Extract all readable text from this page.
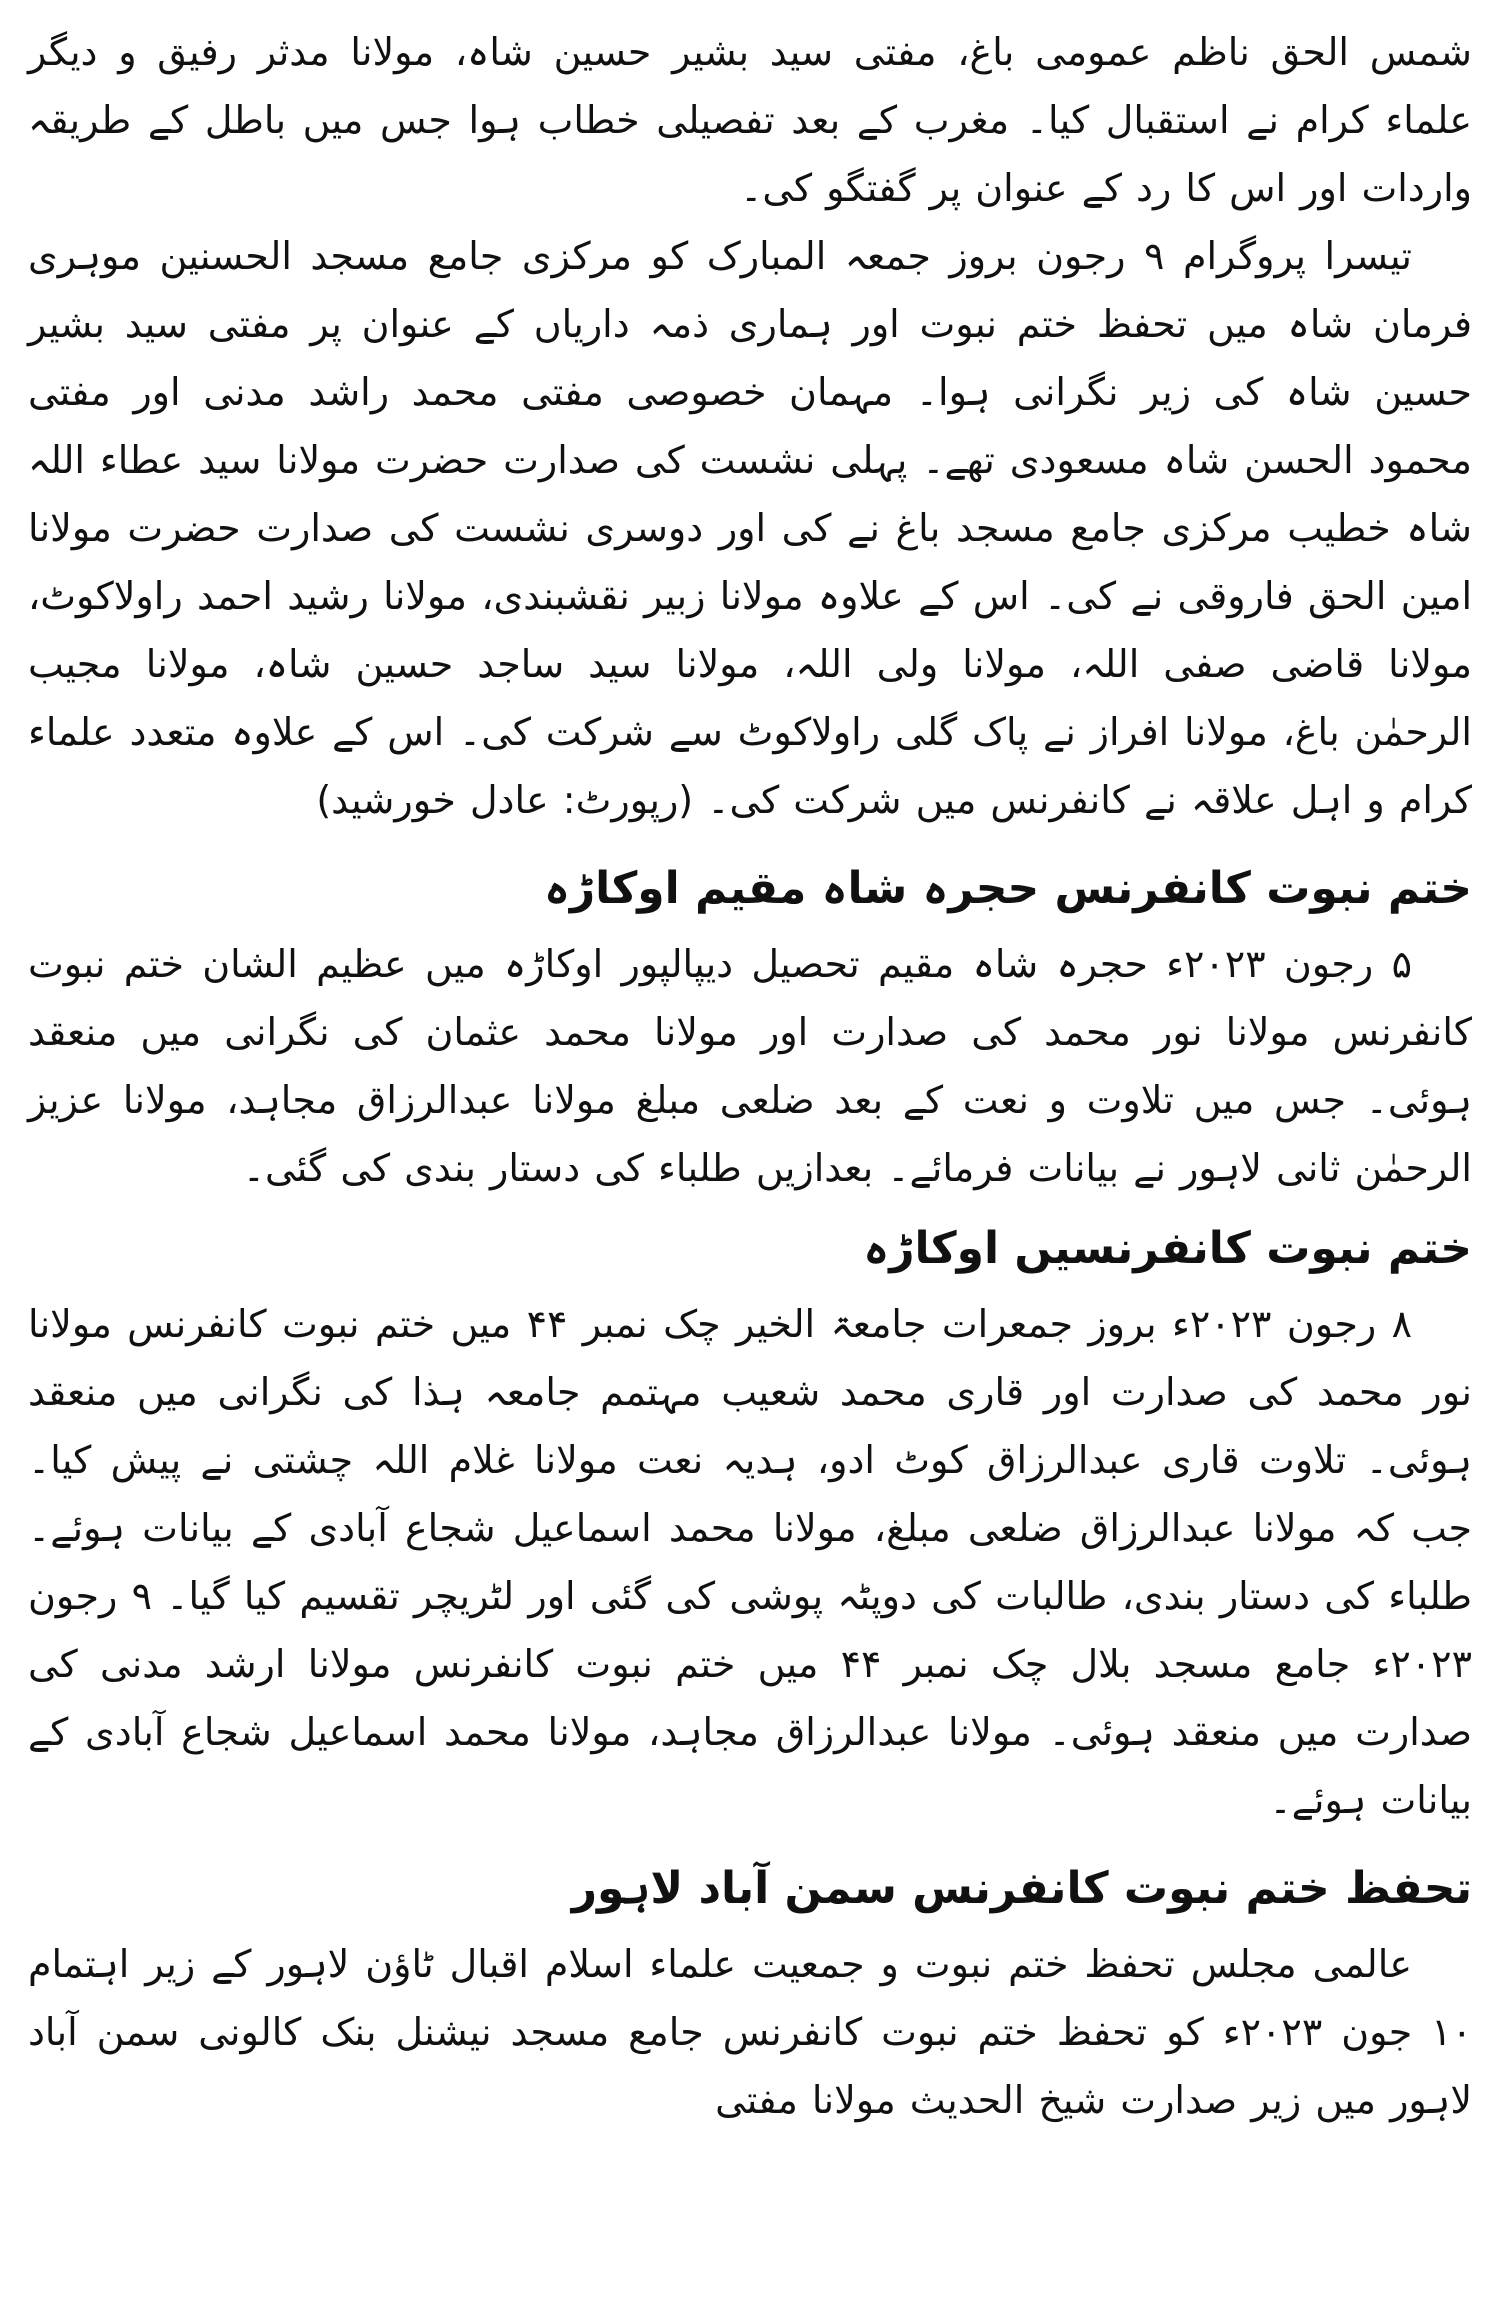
شمس الحق ناظم عمومی باغ، مفتی سید بشیر حسین شاہ، مولانا مدثر رفیق و دیگر علماء کرام نے استقبال کیا۔ مغرب کے بعد تفصیلی خطاب ہوا جس میں باطل کے طریقہ واردات اور اس کا رد کے عنوان پر گفتگو کی۔

تیسرا پروگرام ۹ رجون بروز جمعہ المبارک کو مرکزی جامع مسجد الحسنین موہری فرمان شاہ میں تحفظ ختم نبوت اور ہماری ذمہ داریاں کے عنوان پر مفتی سید بشیر حسین شاہ کی زیر نگرانی ہوا۔ مہمان خصوصی مفتی محمد راشد مدنی اور مفتی محمود الحسن شاہ مسعودی تھے۔ پہلی نشست کی صدارت حضرت مولانا سید عطاء اللہ شاہ خطیب مرکزی جامع مسجد باغ نے کی اور دوسری نشست کی صدارت حضرت مولانا امین الحق فاروقی نے کی۔ اس کے علاوہ مولانا زبیر نقشبندی، مولانا رشید احمد راولاکوٹ، مولانا قاضی صفی اللہ، مولانا ولی اللہ، مولانا سید ساجد حسین شاہ، مولانا مجیب الرحمٰن باغ، مولانا افراز نے پاک گلی راولاکوٹ سے شرکت کی۔ اس کے علاوہ متعدد علماء کرام و اہل علاقہ نے کانفرنس میں شرکت کی۔ (رپورٹ: عادل خورشید)

ختم نبوت کانفرنس حجرہ شاہ مقیم اوکاڑہ

۵ رجون ۲۰۲۳ء حجرہ شاہ مقیم تحصیل دیپالپور اوکاڑہ میں عظیم الشان ختم نبوت کانفرنس مولانا نور محمد کی صدارت اور مولانا محمد عثمان کی نگرانی میں منعقد ہوئی۔ جس میں تلاوت و نعت کے بعد ضلعی مبلغ مولانا عبدالرزاق مجاہد، مولانا عزیز الرحمٰن ثانی لاہور نے بیانات فرمائے۔ بعدازیں طلباء کی دستار بندی کی گئی۔

ختم نبوت کانفرنسیں اوکاڑہ

۸ رجون ۲۰۲۳ء بروز جمعرات جامعۃ الخیر چک نمبر ۴۴ میں ختم نبوت کانفرنس مولانا نور محمد کی صدارت اور قاری محمد شعیب مہتمم جامعہ ہذا کی نگرانی میں منعقد ہوئی۔ تلاوت قاری عبدالرزاق کوٹ ادو، ہدیہ نعت مولانا غلام اللہ چشتی نے پیش کیا۔ جب کہ مولانا عبدالرزاق ضلعی مبلغ، مولانا محمد اسماعیل شجاع آبادی کے بیانات ہوئے۔ طلباء کی دستار بندی، طالبات کی دوپٹہ پوشی کی گئی اور لٹریچر تقسیم کیا گیا۔ ۹ رجون ۲۰۲۳ء جامع مسجد بلال چک نمبر ۴۴ میں ختم نبوت کانفرنس مولانا ارشد مدنی کی صدارت میں منعقد ہوئی۔ مولانا عبدالرزاق مجاہد، مولانا محمد اسماعیل شجاع آبادی کے بیانات ہوئے۔

تحفظ ختم نبوت کانفرنس سمن آباد لاہور

عالمی مجلس تحفظ ختم نبوت و جمعیت علماء اسلام اقبال ٹاؤن لاہور کے زیر اہتمام ۱۰ جون ۲۰۲۳ء کو تحفظ ختم نبوت کانفرنس جامع مسجد نیشنل بنک کالونی سمن آباد لاہور میں زیر صدارت شیخ الحدیث مولانا مفتی
